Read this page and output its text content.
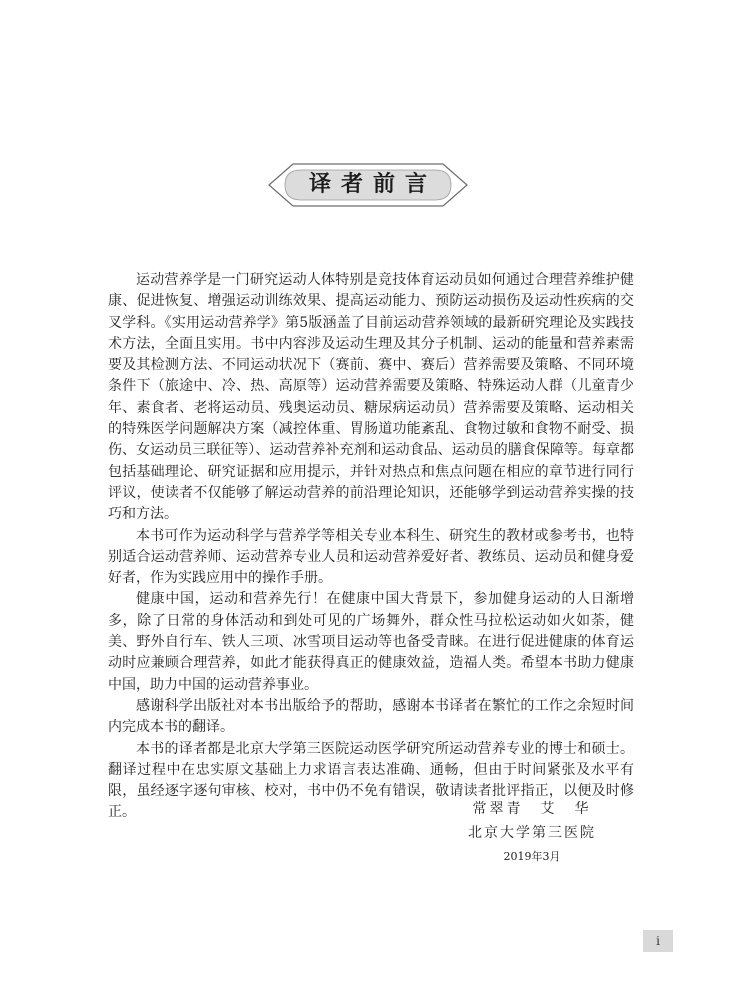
译者前言

运动营养学是一门研究运动人体特别是竞技体育运动员如何通过合理营养维护健康、促进恢复、增强运动训练效果、提高运动能力、预防运动损伤及运动性疾病的交叉学科。《实用运动营养学》第5版涵盖了目前运动营养领域的最新研究理论及实践技术方法，全面且实用。书中内容涉及运动生理及其分子机制、运动的能量和营养素需要及其检测方法、不同运动状况下（赛前、赛中、赛后）营养需要及策略、不同环境条件下（旅途中、冷、热、高原等）运动营养需要及策略、特殊运动人群（儿童青少年、素食者、老将运动员、残奥运动员、糖尿病运动员）营养需要及策略、运动相关的特殊医学问题解决方案（减控体重、胃肠道功能紊乱、食物过敏和食物不耐受、损伤、女运动员三联征等）、运动营养补充剂和运动食品、运动员的膳食保障等。每章都包括基础理论、研究证据和应用提示，并针对热点和焦点问题在相应的章节进行同行评议，使读者不仅能够了解运动营养的前沿理论知识，还能够学到运动营养实操的技巧和方法。

本书可作为运动科学与营养学等相关专业本科生、研究生的教材或参考书，也特别适合运动营养师、运动营养专业人员和运动营养爱好者、教练员、运动员和健身爱好者，作为实践应用中的操作手册。

健康中国，运动和营养先行！在健康中国大背景下，参加健身运动的人日渐增多，除了日常的身体活动和到处可见的广场舞外，群众性马拉松运动如火如荼，健美、野外自行车、铁人三项、冰雪项目运动等也备受青睐。在进行促进健康的体育运动时应兼顾合理营养，如此才能获得真正的健康效益，造福人类。希望本书助力健康中国，助力中国的运动营养事业。

感谢科学出版社对本书出版给予的帮助，感谢本书译者在繁忙的工作之余短时间内完成本书的翻译。

本书的译者都是北京大学第三医院运动医学研究所运动营养专业的博士和硕士。翻译过程中在忠实原文基础上力求语言表达准确、通畅，但由于时间紧张及水平有限，虽经逐字逐句审核、校对，书中仍不免有错误，敬请读者批评指正，以便及时修正。	常翠青　艾　华
北京大学第三医院
2019年3月
i
